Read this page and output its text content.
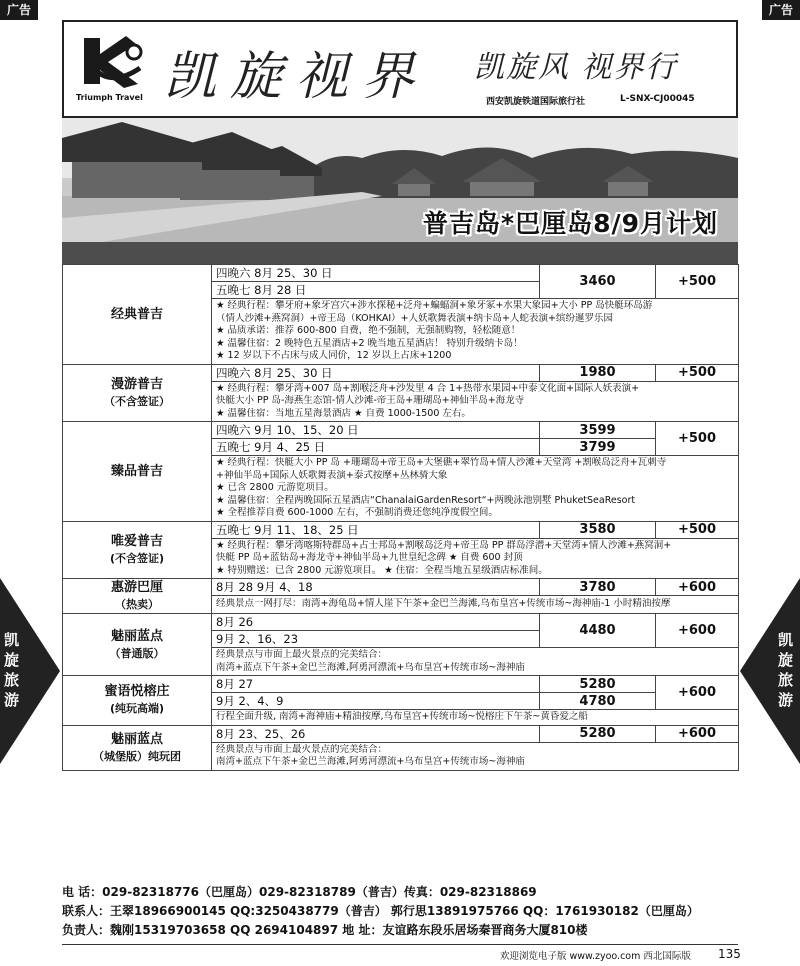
广告	广告
Triumph Travel 凯旋视界 凯旋风 视界行
西安凯旋铁道国际旅行社	L-SNX-CJ00045
普吉岛*巴厘岛8/9月计划
凯旋旅游
凯旋旅游
经典普吉	四晚六 8月 25、30 日	3460	+500
	五晚七 8月 28 日		

	★ 经典行程：攀牙府+象牙宫穴+涉水探秘+泛舟+蝙蝠洞+象牙冢+水果大象园+大小 PP 岛快艇环岛游
（情人沙滩+燕窝洞）+帝王岛（KOHKAI）+人妖歌舞表演+纳卡岛+人蛇表演+缤纷暹罗乐园
★ 品质承诺：推荐 600-800 自费，绝不强制，无强制购物，轻松随意！
★ 温馨住宿：2 晚特色五星酒店+2 晚当地五星酒店！ 特别升级纳卡岛！
★ 12 岁以下不占床与成人同价，12 岁以上占床+1200		

漫游普吉
（不含签证）	四晚六 8月 25、30 日	1980	+500

	★ 经典行程：攀牙湾+007 岛+割喉泛舟+沙发里 4 合 1+热带水果园+中泰文化面+国际人妖表演+
快艇大小 PP 岛-海燕生态馆-情人沙滩-帝王岛+珊瑚岛+神仙半岛+海龙寺
★ 温馨住宿：当地五星海景酒店 ★ 自费 1000-1500 左右。		

臻品普吉	四晚六 9月 10、15、20 日	3599	+500
	五晚七 9月 4、25 日	3799	

	★ 经典行程：快艇大小 PP 岛 +珊瑚岛+帝王岛+大堡礁+翠竹岛+情人沙滩+天堂湾 +割喉岛泛舟+瓦刺寺
+神仙半岛+国际人妖歌舞表演+泰式按摩+丛林骑大象
★ 已含 2800 元游览项目。
★ 温馨住宿：全程两晚国际五星酒店“ChanalaiGardenResort“+两晚泳池别墅 PhuketSeaResort
★ 全程推荐自费 600-1000 左右，不强制消费还您纯净度假空间。		

唯爱普吉
(不含签证)	五晚七 9月 11、18、25 日	3580	+500

	★ 经典行程：攀牙湾喀斯特群岛+占士邦岛+割喉岛泛舟+帝王岛 PP 群岛浮潜+天堂湾+情人沙滩+燕窝洞+
快艇 PP 岛+蓝钻岛+海龙寺+神仙半岛+九世皇纪念碑 ★ 自费 600 封顶
★ 特别赠送：已含 2800 元游览项目。 ★ 住宿：全程当地五星级酒店标准间。		

惠游巴厘
（热卖）	8月 28 9月 4、18	3780	+600

	经典景点一网打尽：南湾+海龟岛+情人崖下午茶+金巴兰海滩,乌布皇宫+传统市场~海神庙-1 小时精油按摩		

魅丽蓝点
（普通版）	8月 26	4480	+600
	9月 2、16、23		

	经典景点与市面上最火景点的完美结合：
南湾+蓝点下午茶+金巴兰海滩,阿勇河漂流+乌布皇宫+传统市场~海神庙		

蜜语悦榕庄
(纯玩高端)	8月 27	5280	+600
	9月 2、4、9	4780	

	行程全面升级, 南湾+海神庙+精油按摩,乌布皇宫+传统市场~悦榕庄下午茶~黄昏爱之船		

魅丽蓝点
（城堡版）纯玩团	8月 23、25、26	5280	+600

	经典景点与市面上最火景点的完美结合：
南湾+蓝点下午茶+金巴兰海滩,阿勇河漂流+乌布皇宫+传统市场~海神庙		
电 话：029-82318776（巴厘岛）029-82318789（普吉）传真：029-82318869
联系人：王翠18966900145 QQ:3250438779（普吉） 郭行思13891975766 QQ：1761930182（巴厘岛）
负责人：魏刚15319703658 QQ 2694104897 地 址：友谊路东段乐居场秦晋商务大厦810楼
欢迎浏览电子版 www.zyoo.com 西北国际版 135
